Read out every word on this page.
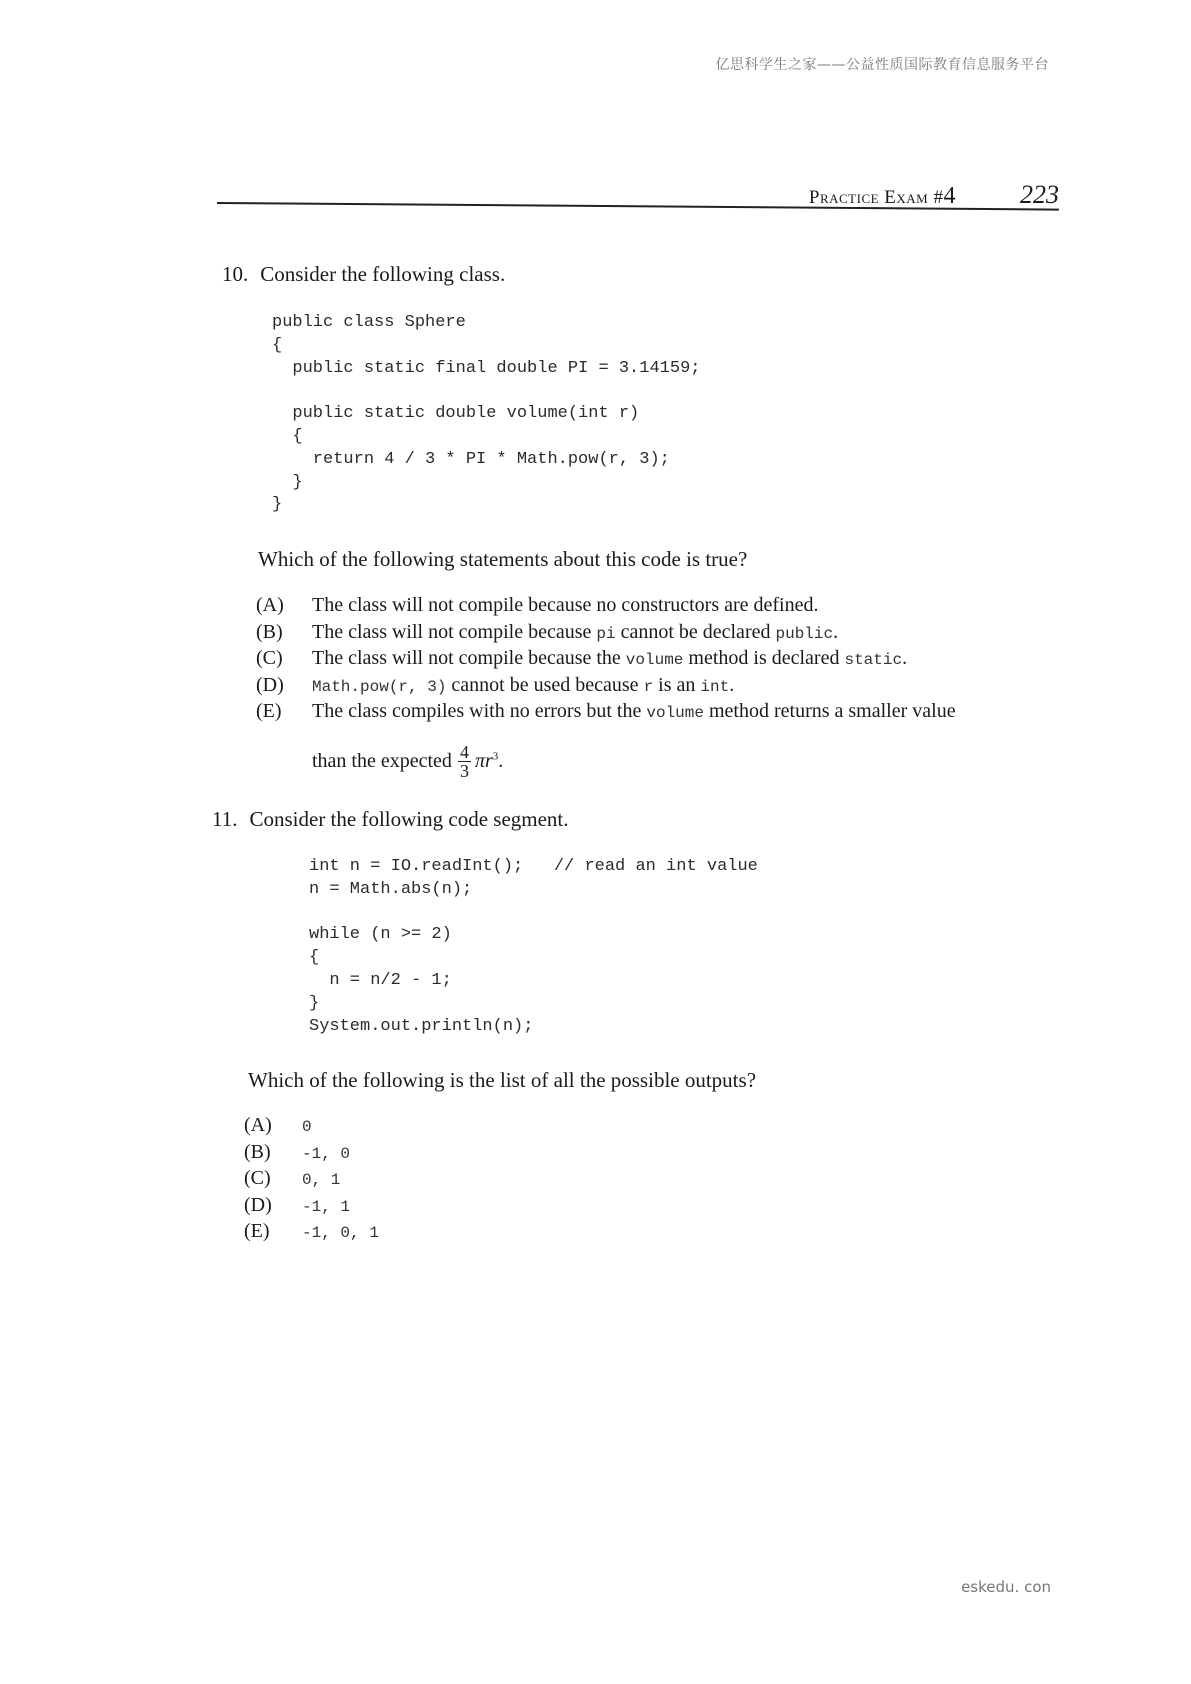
亿思科学生之家——公益性质国际教育信息服务平台
Practice Exam #4 223
10. Consider the following class.
public class Sphere
{
public static final double PI = 3.14159;

public static double volume(int r)
{
return 4 / 3 * PI * Math.pow(r, 3);
}
}
Which of the following statements about this code is true?
(A)	The class will not compile because no constructors are defined.
(B)	The class will not compile because pi cannot be declared public.
(C)	The class will not compile because the volume method is declared static.
(D)	Math.pow(r, 3) cannot be used because r is an int.
(E)	The class compiles with no errors but the volume method returns a smaller value
than the expected $\frac{4}{3} \pi r^3$ .
11. Consider the following code segment.
int n = IO.readInt();   // read an int value
n = Math.abs(n);

while (n >= 2)
{
n = n/2 - 1;
}
System.out.println(n);
Which of the following is the list of all the possible outputs?
(A)	0
(B)	-1, 0
(C)	0, 1
(D)	-1, 1
(E)	-1, 0, 1
eskedu. con
